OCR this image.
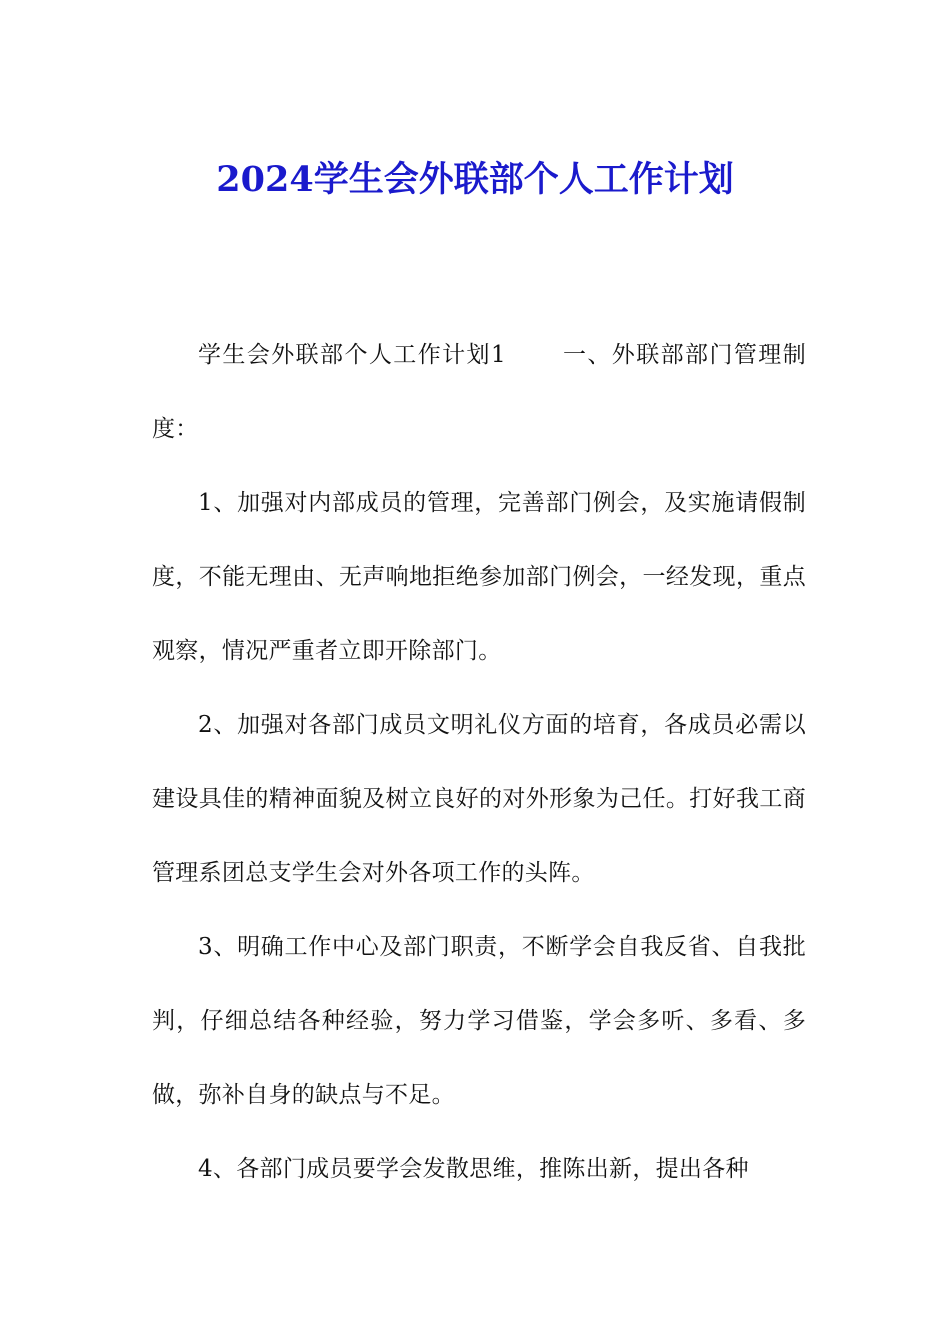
2024学生会外联部个人工作计划

学生会外联部个人工作计划1 一、外联部部门管理制度：

1、加强对内部成员的管理，完善部门例会，及实施请假制度，不能无理由、无声响地拒绝参加部门例会，一经发现，重点观察，情况严重者立即开除部门。

2、加强对各部门成员文明礼仪方面的培育，各成员必需以建设具佳的精神面貌及树立良好的对外形象为己任。打好我工商管理系团总支学生会对外各项工作的头阵。

3、明确工作中心及部门职责，不断学会自我反省、自我批判，仔细总结各种经验，努力学习借鉴，学会多听、多看、多做，弥补自身的缺点与不足。

4、各部门成员要学会发散思维，推陈出新，提出各种
